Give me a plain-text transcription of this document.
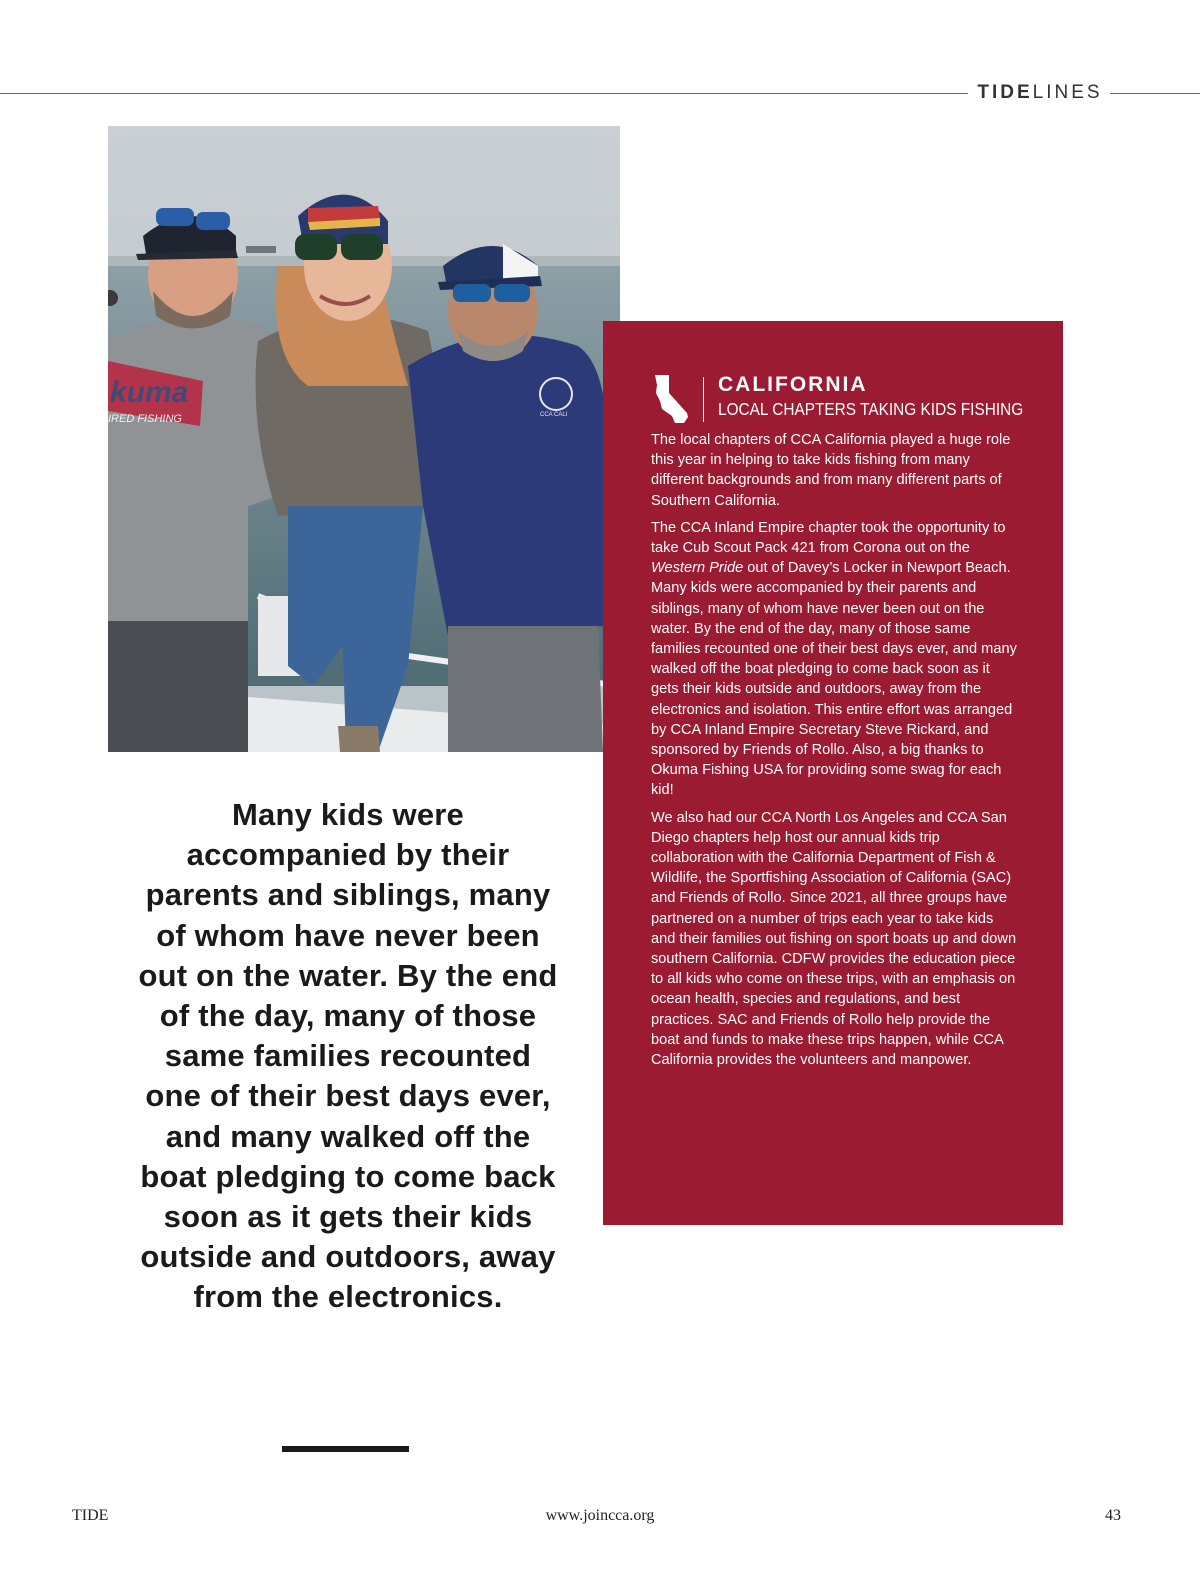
TIDELINES
kuma
IRED FISHING	CCA CALI
CALIFORNIA
LOCAL CHAPTERS TAKING KIDS FISHING

The local chapters of CCA California played a huge role this year in helping to take kids fishing from many different backgrounds and from many different parts of Southern California.

The CCA Inland Empire chapter took the opportunity to take Cub Scout Pack 421 from Corona out on the Western Pride out of Davey’s Locker in Newport Beach. Many kids were accompanied by their parents and siblings, many of whom have never been out on the water. By the end of the day, many of those same families recounted one of their best days ever, and many walked off the boat pledging to come back soon as it gets their kids outside and outdoors, away from the electronics and isolation. This entire effort was arranged by CCA Inland Empire Secretary Steve Rickard, and sponsored by Friends of Rollo. Also, a big thanks to Okuma Fishing USA for providing some swag for each kid!

We also had our CCA North Los Angeles and CCA San Diego chapters help host our annual kids trip collaboration with the California Department of Fish & Wildlife, the Sportfishing Association of California (SAC) and Friends of Rollo. Since 2021, all three groups have partnered on a number of trips each year to take kids and their families out fishing on sport boats up and down southern California. CDFW provides the education piece to all kids who come on these trips, with an emphasis on ocean health, species and regulations, and best practices. SAC and Friends of Rollo help provide the boat and funds to make these trips happen, while CCA California provides the volunteers and manpower.

Many kids were accompanied by their parents and siblings, many of whom have never been out on the water. By the end of the day, many of those same families recounted one of their best days ever, and many walked off the boat pledging to come back soon as it gets their kids outside and outdoors, away from the electronics.
TIDE	www.joincca.org	43
